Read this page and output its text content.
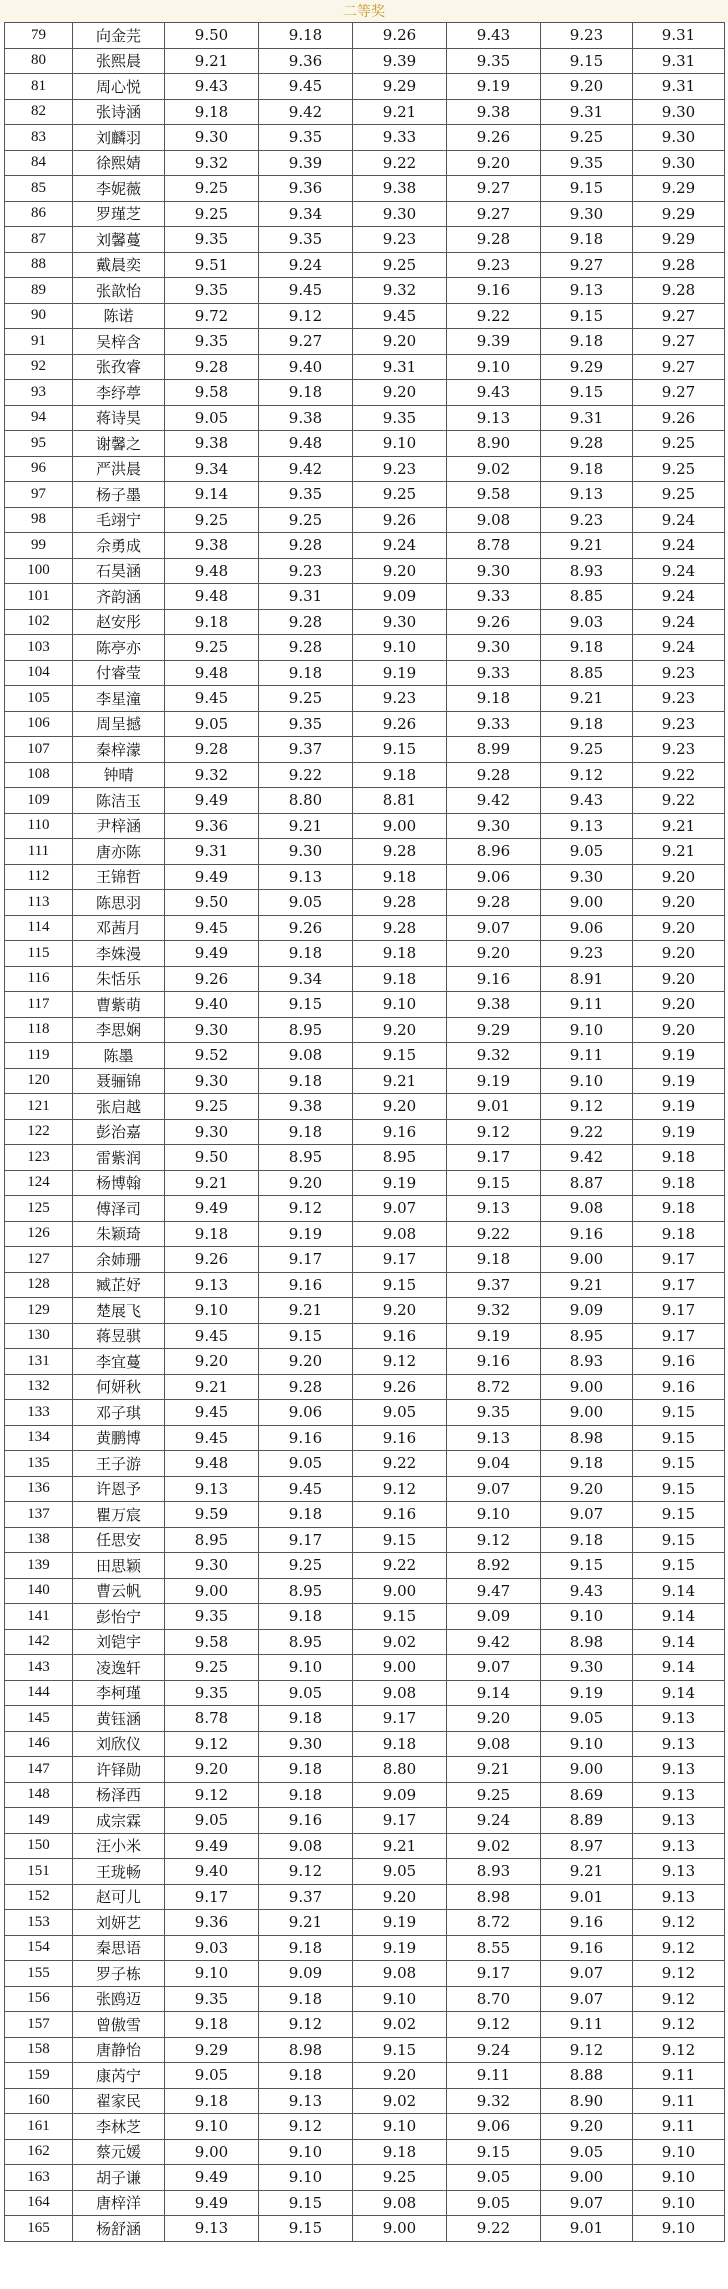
二等奖
79	向金芫	9.50	9.18	9.26	9.43	9.23	9.31
80	张熙晨	9.21	9.36	9.39	9.35	9.15	9.31
81	周心悦	9.43	9.45	9.29	9.19	9.20	9.31
82	张诗涵	9.18	9.42	9.21	9.38	9.31	9.30
83	刘麟羽	9.30	9.35	9.33	9.26	9.25	9.30
84	徐熙婧	9.32	9.39	9.22	9.20	9.35	9.30
85	李妮薇	9.25	9.36	9.38	9.27	9.15	9.29
86	罗瑾芝	9.25	9.34	9.30	9.27	9.30	9.29
87	刘馨蔓	9.35	9.35	9.23	9.28	9.18	9.29
88	戴晨奕	9.51	9.24	9.25	9.23	9.27	9.28
89	张歆怡	9.35	9.45	9.32	9.16	9.13	9.28
90	陈诺	9.72	9.12	9.45	9.22	9.15	9.27
91	吴梓含	9.35	9.27	9.20	9.39	9.18	9.27
92	张孜睿	9.28	9.40	9.31	9.10	9.29	9.27
93	李纾葶	9.58	9.18	9.20	9.43	9.15	9.27
94	蒋诗昊	9.05	9.38	9.35	9.13	9.31	9.26
95	谢馨之	9.38	9.48	9.10	8.90	9.28	9.25
96	严洪晨	9.34	9.42	9.23	9.02	9.18	9.25
97	杨子墨	9.14	9.35	9.25	9.58	9.13	9.25
98	毛翊宁	9.25	9.25	9.26	9.08	9.23	9.24
99	佘勇成	9.38	9.28	9.24	8.78	9.21	9.24
100	石昊涵	9.48	9.23	9.20	9.30	8.93	9.24
101	齐韵涵	9.48	9.31	9.09	9.33	8.85	9.24
102	赵安彤	9.18	9.28	9.30	9.26	9.03	9.24
103	陈亭亦	9.25	9.28	9.10	9.30	9.18	9.24
104	付睿莹	9.48	9.18	9.19	9.33	8.85	9.23
105	李星潼	9.45	9.25	9.23	9.18	9.21	9.23
106	周呈撼	9.05	9.35	9.26	9.33	9.18	9.23
107	秦梓濛	9.28	9.37	9.15	8.99	9.25	9.23
108	钟晴	9.32	9.22	9.18	9.28	9.12	9.22
109	陈洁玉	9.49	8.80	8.81	9.42	9.43	9.22
110	尹梓涵	9.36	9.21	9.00	9.30	9.13	9.21
111	唐亦陈	9.31	9.30	9.28	8.96	9.05	9.21
112	王锦哲	9.49	9.13	9.18	9.06	9.30	9.20
113	陈思羽	9.50	9.05	9.28	9.28	9.00	9.20
114	邓茜月	9.45	9.26	9.28	9.07	9.06	9.20
115	李姝漫	9.49	9.18	9.18	9.20	9.23	9.20
116	朱恬乐	9.26	9.34	9.18	9.16	8.91	9.20
117	曹紫萌	9.40	9.15	9.10	9.38	9.11	9.20
118	李思娴	9.30	8.95	9.20	9.29	9.10	9.20
119	陈墨	9.52	9.08	9.15	9.32	9.11	9.19
120	聂骊锦	9.30	9.18	9.21	9.19	9.10	9.19
121	张启越	9.25	9.38	9.20	9.01	9.12	9.19
122	彭治嘉	9.30	9.18	9.16	9.12	9.22	9.19
123	雷紫润	9.50	8.95	8.95	9.17	9.42	9.18
124	杨博翰	9.21	9.20	9.19	9.15	8.87	9.18
125	傅泽司	9.49	9.12	9.07	9.13	9.08	9.18
126	朱颖琦	9.18	9.19	9.08	9.22	9.16	9.18
127	余姉珊	9.26	9.17	9.17	9.18	9.00	9.17
128	臧芷妤	9.13	9.16	9.15	9.37	9.21	9.17
129	楚展飞	9.10	9.21	9.20	9.32	9.09	9.17
130	蒋昱骐	9.45	9.15	9.16	9.19	8.95	9.17
131	李宜蔓	9.20	9.20	9.12	9.16	8.93	9.16
132	何妍秋	9.21	9.28	9.26	8.72	9.00	9.16
133	邓子琪	9.45	9.06	9.05	9.35	9.00	9.15
134	黄鹏博	9.45	9.16	9.16	9.13	8.98	9.15
135	王子游	9.48	9.05	9.22	9.04	9.18	9.15
136	许恩予	9.13	9.45	9.12	9.07	9.20	9.15
137	瞿万宸	9.59	9.18	9.16	9.10	9.07	9.15
138	任思安	8.95	9.17	9.15	9.12	9.18	9.15
139	田思颖	9.30	9.25	9.22	8.92	9.15	9.15
140	曹云帆	9.00	8.95	9.00	9.47	9.43	9.14
141	彭怡宁	9.35	9.18	9.15	9.09	9.10	9.14
142	刘铠宇	9.58	8.95	9.02	9.42	8.98	9.14
143	凌逸轩	9.25	9.10	9.00	9.07	9.30	9.14
144	李柯瑾	9.35	9.05	9.08	9.14	9.19	9.14
145	黄钰涵	8.78	9.18	9.17	9.20	9.05	9.13
146	刘欣仪	9.12	9.30	9.18	9.08	9.10	9.13
147	许铎勋	9.20	9.18	8.80	9.21	9.00	9.13
148	杨泽西	9.12	9.18	9.09	9.25	8.69	9.13
149	成宗霖	9.05	9.16	9.17	9.24	8.89	9.13
150	汪小米	9.49	9.08	9.21	9.02	8.97	9.13
151	王珑畅	9.40	9.12	9.05	8.93	9.21	9.13
152	赵可儿	9.17	9.37	9.20	8.98	9.01	9.13
153	刘妍艺	9.36	9.21	9.19	8.72	9.16	9.12
154	秦思语	9.03	9.18	9.19	8.55	9.16	9.12
155	罗子栋	9.10	9.09	9.08	9.17	9.07	9.12
156	张鸥迈	9.35	9.18	9.10	8.70	9.07	9.12
157	曾傲雪	9.18	9.12	9.02	9.12	9.11	9.12
158	唐静怡	9.29	8.98	9.15	9.24	9.12	9.12
159	康芮宁	9.05	9.18	9.20	9.11	8.88	9.11
160	翟家民	9.18	9.13	9.02	9.32	8.90	9.11
161	李林芝	9.10	9.12	9.10	9.06	9.20	9.11
162	蔡元媛	9.00	9.10	9.18	9.15	9.05	9.10
163	胡子谦	9.49	9.10	9.25	9.05	9.00	9.10
164	唐梓洋	9.49	9.15	9.08	9.05	9.07	9.10
165	杨舒涵	9.13	9.15	9.00	9.22	9.01	9.10
